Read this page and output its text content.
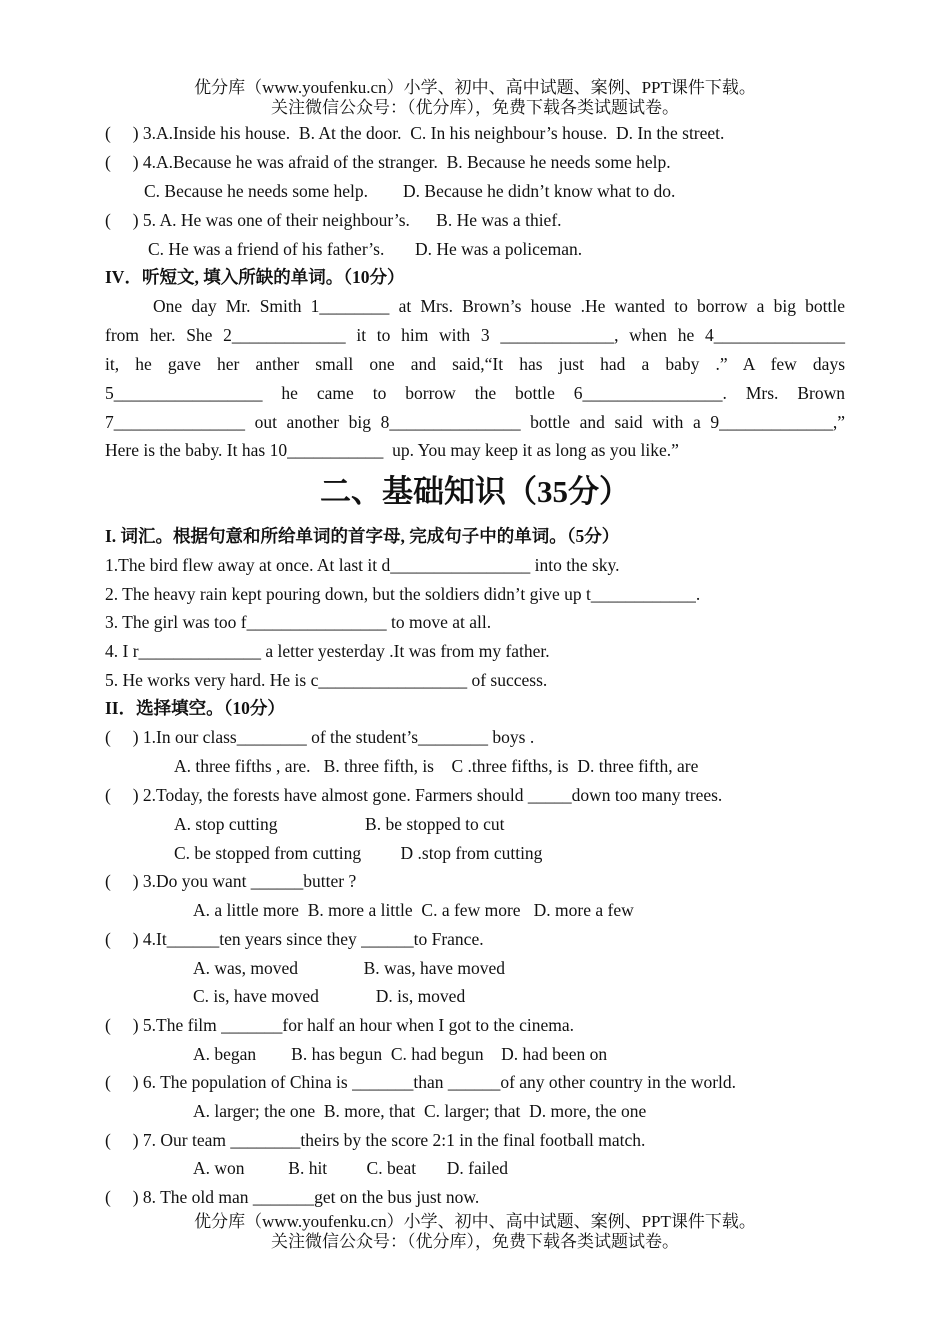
优分库（www.youfenku.cn）小学、初中、高中试题、案例、PPT课件下载。
关注微信公众号：（优分库），免费下载各类试题试卷。
(     ) 3.A.Inside his house.  B. At the door.  C. In his neighbour’s house.  D. In the street.
(     ) 4.A.Because he was afraid of the stranger.  B. Because he needs some help.
C. Because he needs some help.        D. Because he didn’t know what to do.
(     ) 5. A. He was one of their neighbour’s.      B. He was a thief.
C. He was a friend of his father’s.       D. He was a policeman.
IV．听短文, 填入所缺的单词。（10分）
One day Mr. Smith 1________ at Mrs. Brown’s house .He wanted to borrow a big bottle
from her. She 2_____________ it to him with 3 _____________, when he 4_______________
it, he gave her anther small one and said,“It has just had a baby .” A few days
5_________________ he came to borrow the bottle 6________________. Mrs. Brown
7_______________ out another big 8_______________ bottle and said with a 9_____________,”
Here is the baby. It has 10___________  up. You may keep it as long as you like.”
二、基础知识（35分）
I. 词汇。根据句意和所给单词的首字母, 完成句子中的单词。（5分）
1.The bird flew away at once. At last it d________________ into the sky.
2. The heavy rain kept pouring down, but the soldiers didn’t give up t____________.
3. The girl was too f________________ to move at all.
4. I r______________ a letter yesterday .It was from my father.
5. He works very hard. He is c_________________ of success.
II．选择填空。（10分）
(     ) 1.In our class________ of the student’s________ boys .
A. three fifths , are.   B. three fifth, is    C .three fifths, is  D. three fifth, are
(     ) 2.Today, the forests have almost gone. Farmers should _____down too many trees.
A. stop cutting                    B. be stopped to cut
C. be stopped from cutting         D .stop from cutting
(     ) 3.Do you want ______butter ?
A. a little more  B. more a little  C. a few more   D. more a few
(     ) 4.It______ten years since they ______to France.
A. was, moved               B. was, have moved
C. is, have moved             D. is, moved
(     ) 5.The film _______for half an hour when I got to the cinema.
A. began        B. has begun  C. had begun    D. had been on
(     ) 6. The population of China is _______than ______of any other country in the world.
A. larger; the one  B. more, that  C. larger; that  D. more, the one
(     ) 7. Our team ________theirs by the score 2:1 in the final football match.
A. won          B. hit         C. beat       D. failed
(     ) 8. The old man _______get on the bus just now.
优分库（www.youfenku.cn）小学、初中、高中试题、案例、PPT课件下载。
关注微信公众号：（优分库），免费下载各类试题试卷。
